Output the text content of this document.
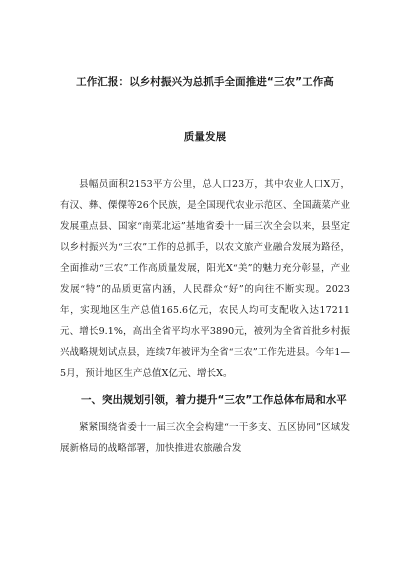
工作汇报：以乡村振兴为总抓手全面推进“三农”工作高

质量发展

县幅员面积2153平方公里，总人口23万，其中农业人口X万，有汉、彝、傈僳等26个民族，是全国现代农业示范区、全国蔬菜产业发展重点县、国家“南菜北运”基地省委十一届三次全会以来，县坚定以乡村振兴为“三农”工作的总抓手，以农文旅产业融合发展为路径，全面推动“三农”工作高质量发展，阳光X“美”的魅力充分彰显，产业发展“特”的品质更富内涵，人民群众“好”的向往不断实现。2023年，实现地区生产总值165.6亿元，农民人均可支配收入达17211元、增长9.1%，高出全省平均水平3890元，被列为全省首批乡村振兴战略规划试点县，连续7年被评为全省“三农”工作先进县。今年1—5月，预计地区生产总值X亿元、增长X。

一、突出规划引领，着力提升“三农”工作总体布局和水平

紧紧围绕省委十一届三次全会构建“一干多支、五区协同”区域发展新格局的战略部署，加快推进农旅融合发
